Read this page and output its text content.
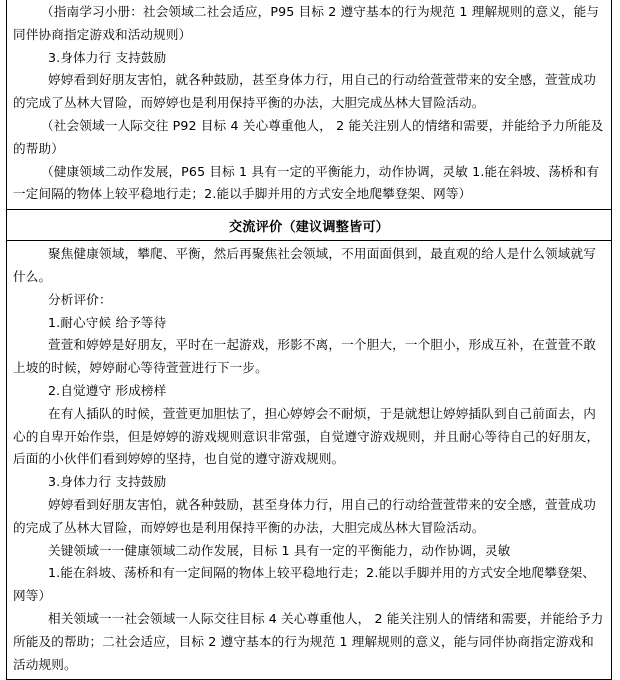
（指南学习小册：社会领域二社会适应，P95 目标 2 遵守基本的行为规范 1 理解规则的意义，能与同伴协商指定游戏和活动规则）

3.身体力行 支持鼓励

婷婷看到好朋友害怕，就各种鼓励，甚至身体力行，用自己的行动给萱萱带来的安全感，萱萱成功的完成了丛林大冒险，而婷婷也是利用保持平衡的办法，大胆完成丛林大冒险活动。

（社会领域一人际交往 P92 目标 4 关心尊重他人， 2 能关注别人的情绪和需要，并能给予力所能及的帮助）

（健康领域二动作发展，P65 目标 1 具有一定的平衡能力，动作协调，灵敏 1.能在斜坡、荡桥和有一定间隔的物体上较平稳地行走；2.能以手脚并用的方式安全地爬攀登架、网等）

交流评价（建议调整皆可）

聚焦健康领域，攀爬、平衡，然后再聚焦社会领域，不用面面俱到，最直观的给人是什么领域就写什么。

分析评价：

1.耐心守候 给予等待

萱萱和婷婷是好朋友，平时在一起游戏，形影不离，一个胆大，一个胆小，形成互补，在萱萱不敢上坡的时候，婷婷耐心等待萱萱进行下一步。

2.自觉遵守 形成榜样

在有人插队的时候，萱萱更加胆怯了，担心婷婷会不耐烦，于是就想让婷婷插队到自己前面去，内心的自卑开始作祟，但是婷婷的游戏规则意识非常强，自觉遵守游戏规则，并且耐心等待自己的好朋友，后面的小伙伴们看到婷婷的坚持，也自觉的遵守游戏规则。

3.身体力行 支持鼓励

婷婷看到好朋友害怕，就各种鼓励，甚至身体力行，用自己的行动给萱萱带来的安全感，萱萱成功的完成了丛林大冒险，而婷婷也是利用保持平衡的办法，大胆完成丛林大冒险活动。

关键领域一一健康领域二动作发展，目标 1 具有一定的平衡能力，动作协调，灵敏

1.能在斜坡、荡桥和有一定间隔的物体上较平稳地行走；2.能以手脚并用的方式安全地爬攀登架、网等）

相关领域一一社会领域一人际交往目标 4 关心尊重他人， 2 能关注别人的情绪和需要，并能给予力所能及的帮助；二社会适应，目标 2 遵守基本的行为规范 1 理解规则的意义，能与同伴协商指定游戏和活动规则。
